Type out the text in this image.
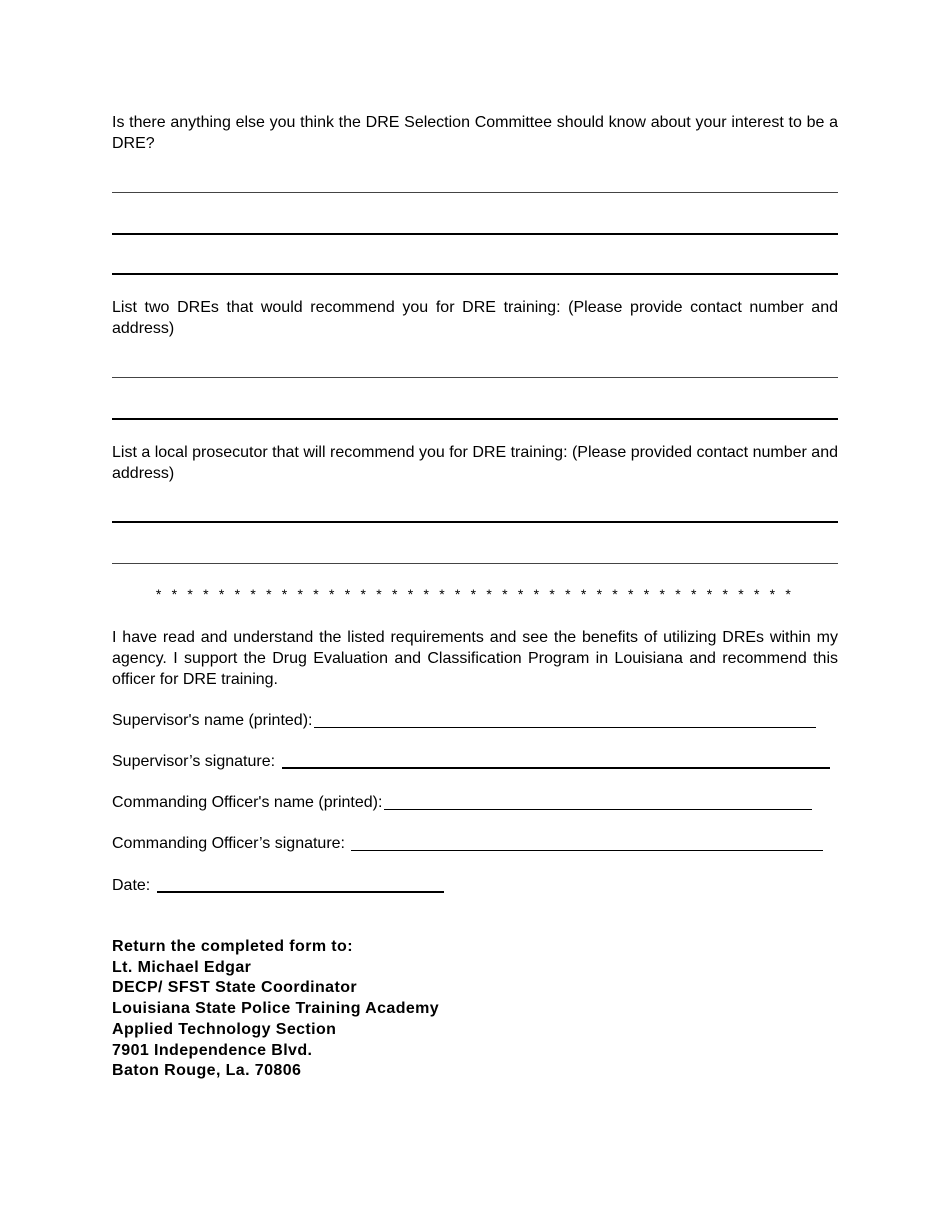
Is there anything else you think the DRE Selection Committee should know about your interest to be a DRE?

List two DREs that would recommend you for DRE training: (Please provide contact number and address)

List a local prosecutor that will recommend you for DRE training: (Please provided contact number and address)

* * * * * * * * * * * * * * * * * * * * * * * * * * * * * * * * * * * * * * * * *

I have read and understand the listed requirements and see the benefits of utilizing DREs within my agency. I support the Drug Evaluation and Classification Program in Louisiana and recommend this officer for DRE training.

Supervisor's name (printed):
Supervisor’s signature:
Commanding Officer's name (printed):
Commanding Officer’s signature:
Date:
Return the completed form to:
Lt. Michael Edgar
DECP/ SFST State Coordinator
Louisiana State Police Training Academy
Applied Technology Section
7901 Independence Blvd.
Baton Rouge, La. 70806
